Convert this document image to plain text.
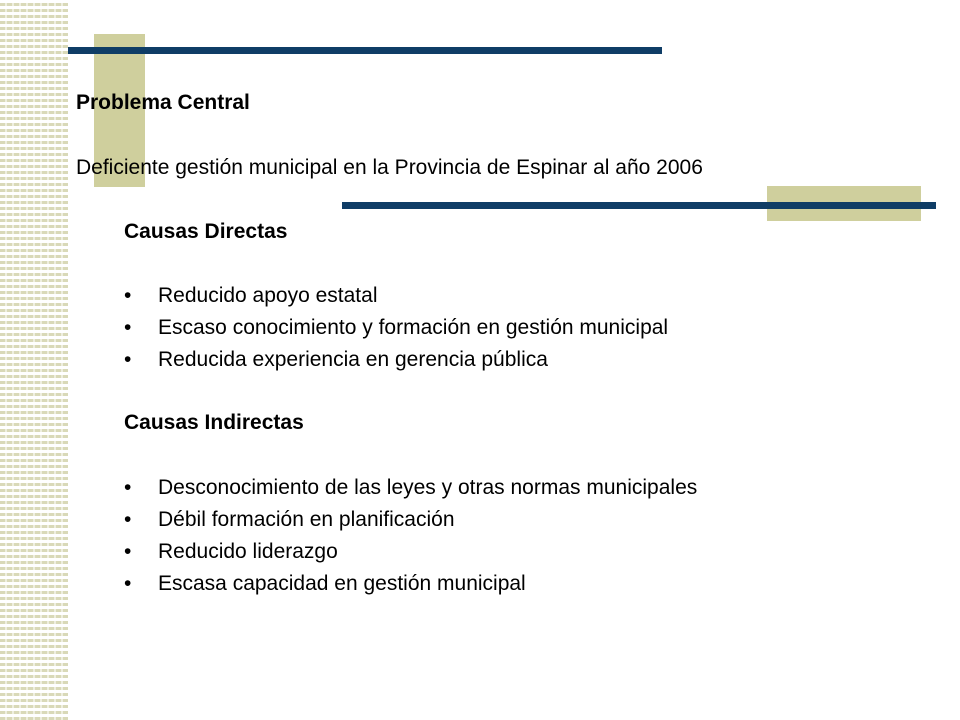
Problema Central
Deficiente gestión municipal en la Provincia de Espinar al año 2006
Causas Directas
• Reducido apoyo estatal
• Escaso conocimiento y formación en gestión municipal
• Reducida experiencia en gerencia pública
Causas Indirectas
• Desconocimiento de las leyes y otras normas municipales
• Débil formación en planificación
• Reducido liderazgo
• Escasa capacidad en gestión municipal
